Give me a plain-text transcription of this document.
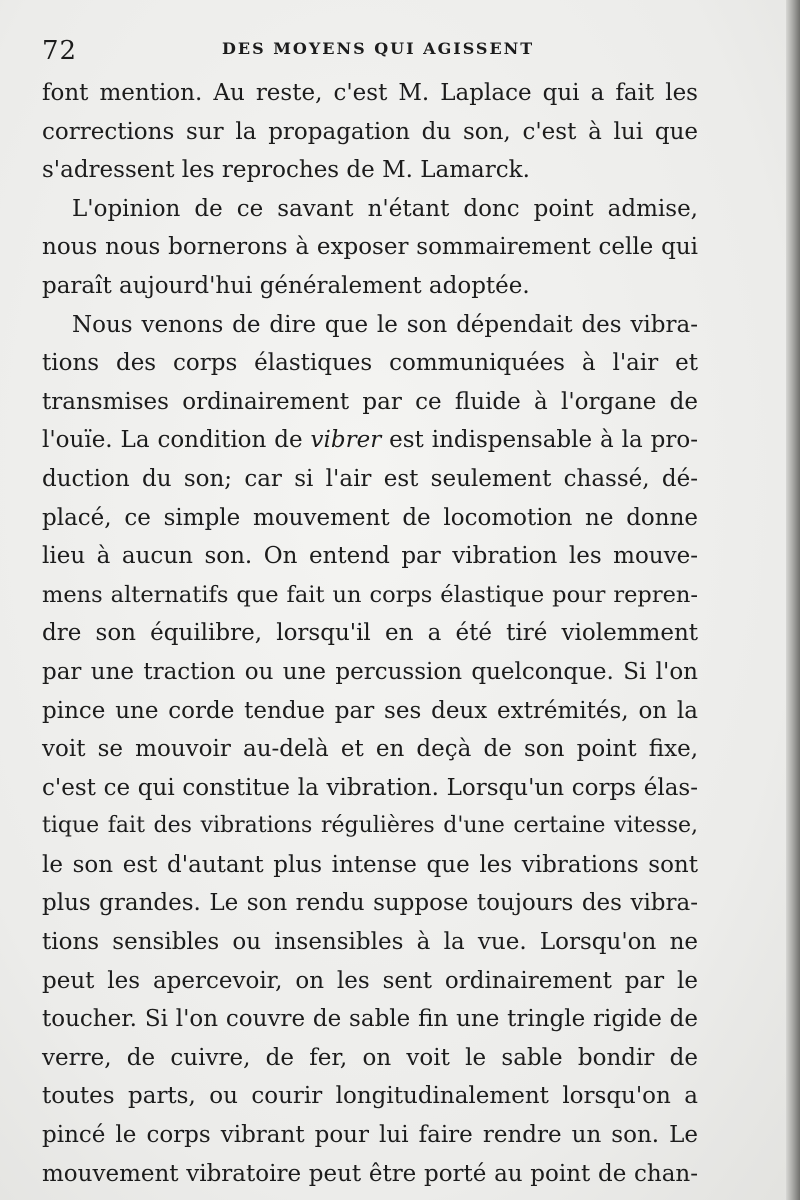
72	DES MOYENS QUI AGISSENT
font mention. Au reste, c'est M. Laplace qui a fait les
corrections sur la propagation du son, c'est à lui que
s'adressent les reproches de M. Lamarck.
L'opinion de ce savant n'étant donc point admise,
nous nous bornerons à exposer sommairement celle qui
paraît aujourd'hui généralement adoptée.
Nous venons de dire que le son dépendait des vibra-
tions des corps élastiques communiquées à l'air et
transmises ordinairement par ce fluide à l'organe de
l'ouïe. La condition de vibrer est indispensable à la pro-
duction du son; car si l'air est seulement chassé, dé-
placé, ce simple mouvement de locomotion ne donne
lieu à aucun son. On entend par vibration les mouve-
mens alternatifs que fait un corps élastique pour repren-
dre son équilibre, lorsqu'il en a été tiré violemment
par une traction ou une percussion quelconque. Si l'on
pince une corde tendue par ses deux extrémités, on la
voit se mouvoir au-delà et en deçà de son point fixe,
c'est ce qui constitue la vibration. Lorsqu'un corps élas-
tique fait des vibrations régulières d'une certaine vitesse,
le son est d'autant plus intense que les vibrations sont
plus grandes. Le son rendu suppose toujours des vibra-
tions sensibles ou insensibles à la vue. Lorsqu'on ne
peut les apercevoir, on les sent ordinairement par le
toucher. Si l'on couvre de sable fin une tringle rigide de
verre, de cuivre, de fer, on voit le sable bondir de
toutes parts, ou courir longitudinalement lorsqu'on a
pincé le corps vibrant pour lui faire rendre un son. Le
mouvement vibratoire peut être porté au point de chan-
